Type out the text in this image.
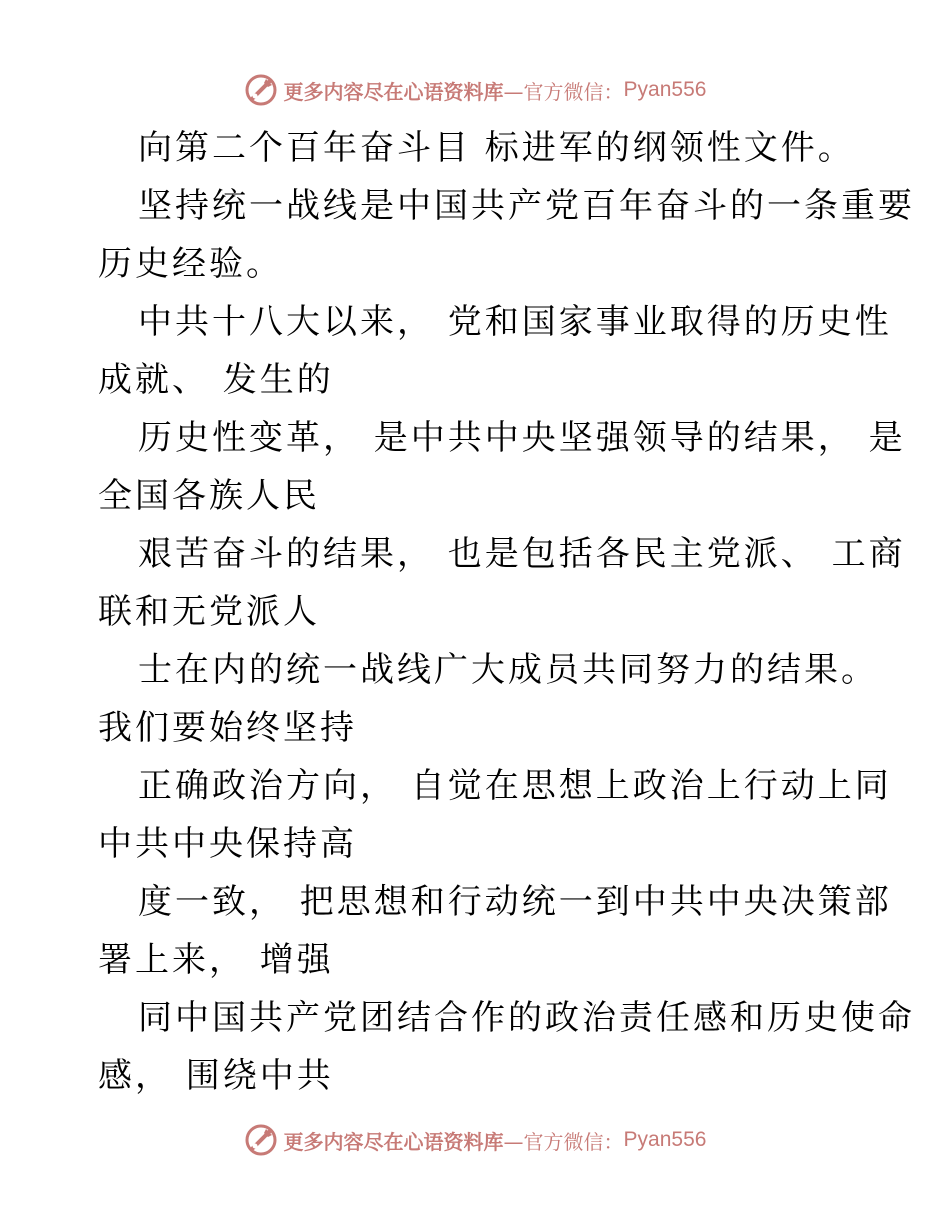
更多内容尽在心语资料库 —官方微信： Pyan556
向第二个百年奋斗目 标进军的纲领性文件。
坚持统一战线是中国共产党百年奋斗的一条重要
历史经验。
中共十八大以来， 党和国家事业取得的历史性
成就、 发生的
历史性变革， 是中共中央坚强领导的结果， 是
全国各族人民
艰苦奋斗的结果， 也是包括各民主党派、 工商
联和无党派人
士在内的统一战线广大成员共同努力的结果。
我们要始终坚持
正确政治方向， 自觉在思想上政治上行动上同
中共中央保持高
度一致， 把思想和行动统一到中共中央决策部
署上来， 增强
同中国共产党团结合作的政治责任感和历史使命
感， 围绕中共
更多内容尽在心语资料库 —官方微信： Pyan556
